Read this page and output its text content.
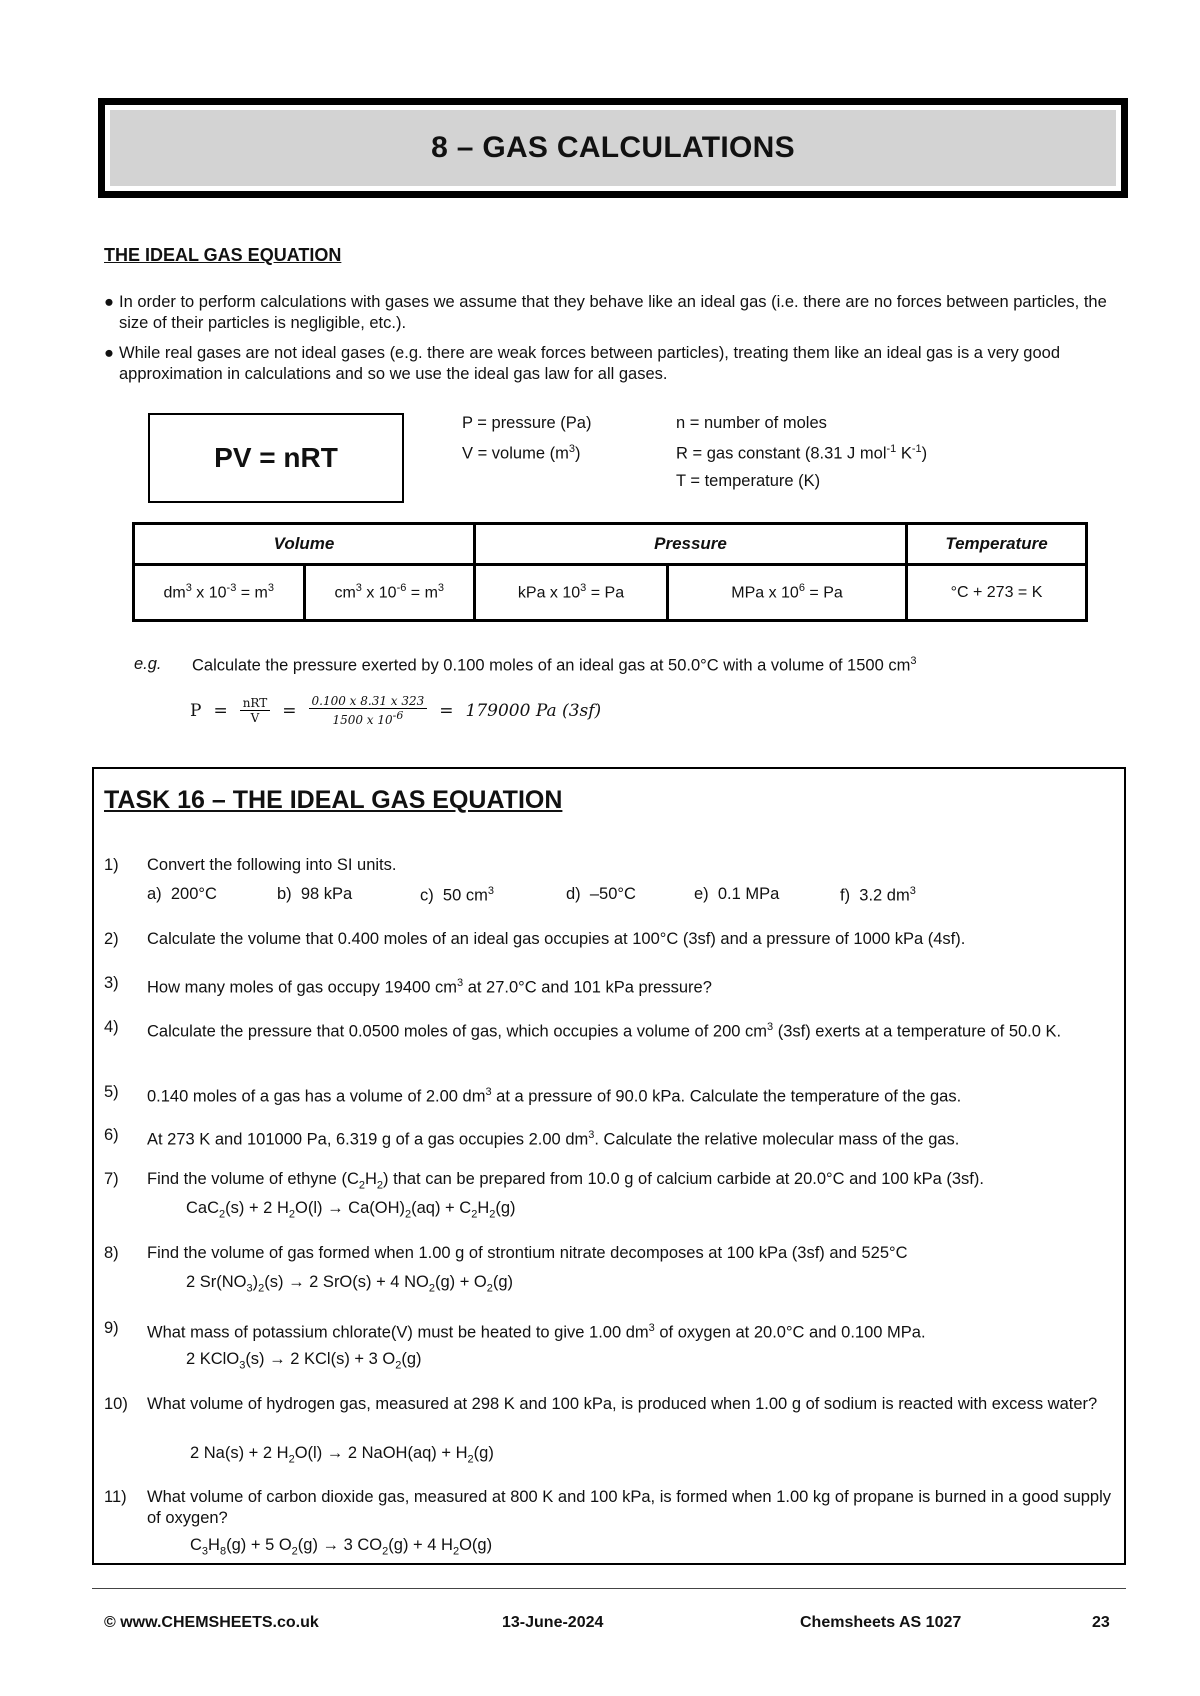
8 – GAS CALCULATIONS
THE IDEAL GAS EQUATION
● In order to perform calculations with gases we assume that they behave like an ideal gas (i.e. there are no forces between particles, the size of their particles is negligible, etc.).
● While real gases are not ideal gases (e.g. there are weak forces between particles), treating them like an ideal gas is a very good approximation in calculations and so we use the ideal gas law for all gases.
PV = nRT
P = pressure (Pa)
V = volume $(m^3)$
n = number of moles
R = gas constant (8.31 J mol$^{-1}$ $K^{-1}$)
T = temperature (K)
Volume		Pressure		Temperature
$dm^3$ x $10^{-3} = m^3$	$cm^3$ x $10^{-6} = m^3$	kPa x $10^3 = Pa$	MPa x $10^6 = Pa$	°C + 273 = K
e.g. Calculate the pressure exerted by 0.100 moles of an ideal gas at 50.0°C with a volume of 1500 $cm^3$
$P = \frac{\text{nRT}}{V} = \frac{0.100 x 8.31 x 323}{1500 x 10^{-6}} = 179000$ Pa (3sf)
TASK 16 – THE IDEAL GAS EQUATION
1) Convert the following into SI units.
a) 200°C	b) 98 kPa	c) 50 $cm^3$	d) –50°C	e) 0.1 MPa	f) 3.2 $dm^3$
2) Calculate the volume that 0.400 moles of an ideal gas occupies at 100°C (3sf) and a pressure of 1000 kPa (4sf).
3) How many moles of gas occupy 19400 $cm^3$ at 27.0°C and 101 kPa pressure?
4) Calculate the pressure that 0.0500 moles of gas, which occupies a volume of 200 $cm^3$ (3sf) exerts at a temperature of 50.0 K.
5) 0.140 moles of a gas has a volume of 2.00 $dm^3$ at a pressure of 90.0 kPa. Calculate the temperature of the gas.
6) At 273 K and 101000 Pa, 6.319 g of a gas occupies 2.00 $dm^3$. Calculate the relative molecular mass of the gas.
7) Find the volume of ethyne $(C_2H_2)$ that can be prepared from 10.0 g of calcium carbide at 20.0°C and 100 kPa (3sf).
CaC$_2$(s) + 2 $H_2O(l) \to Ca(OH)_2(aq) + C_2H_2(g)$
8) Find the volume of gas formed when 1.00 g of strontium nitrate decomposes at 100 kPa (3sf) and 525°C
2 $Sr(NO_3)_2(s) \to 2$ SrO(s) + 4 $NO_2(g) + O_2(g)$
9) What mass of potassium chlorate(V) must be heated to give 1.00 $dm^3$ of oxygen at 20.0°C and 0.100 MPa.
2 KClO$_3$(s) → 2 KCl(s) + 3 $O_2(g)$
10) What volume of hydrogen gas, measured at 298 K and 100 kPa, is produced when 1.00 g of sodium is reacted with excess water?
2 Na(s) + 2 $H_2O(l) \to 2$ NaOH(aq) + $H_2(g)$
11) What volume of carbon dioxide gas, measured at 800 K and 100 kPa, is formed when 1.00 kg of propane is burned in a good supply of oxygen?
$C_3H_8(g) + 5$ $O_2(g) \to 3$ $CO_2(g) + 4$ $H_2O(g)$
© www.CHEMSHEETS.co.uk	13-June-2024	Chemsheets AS 1027	23
